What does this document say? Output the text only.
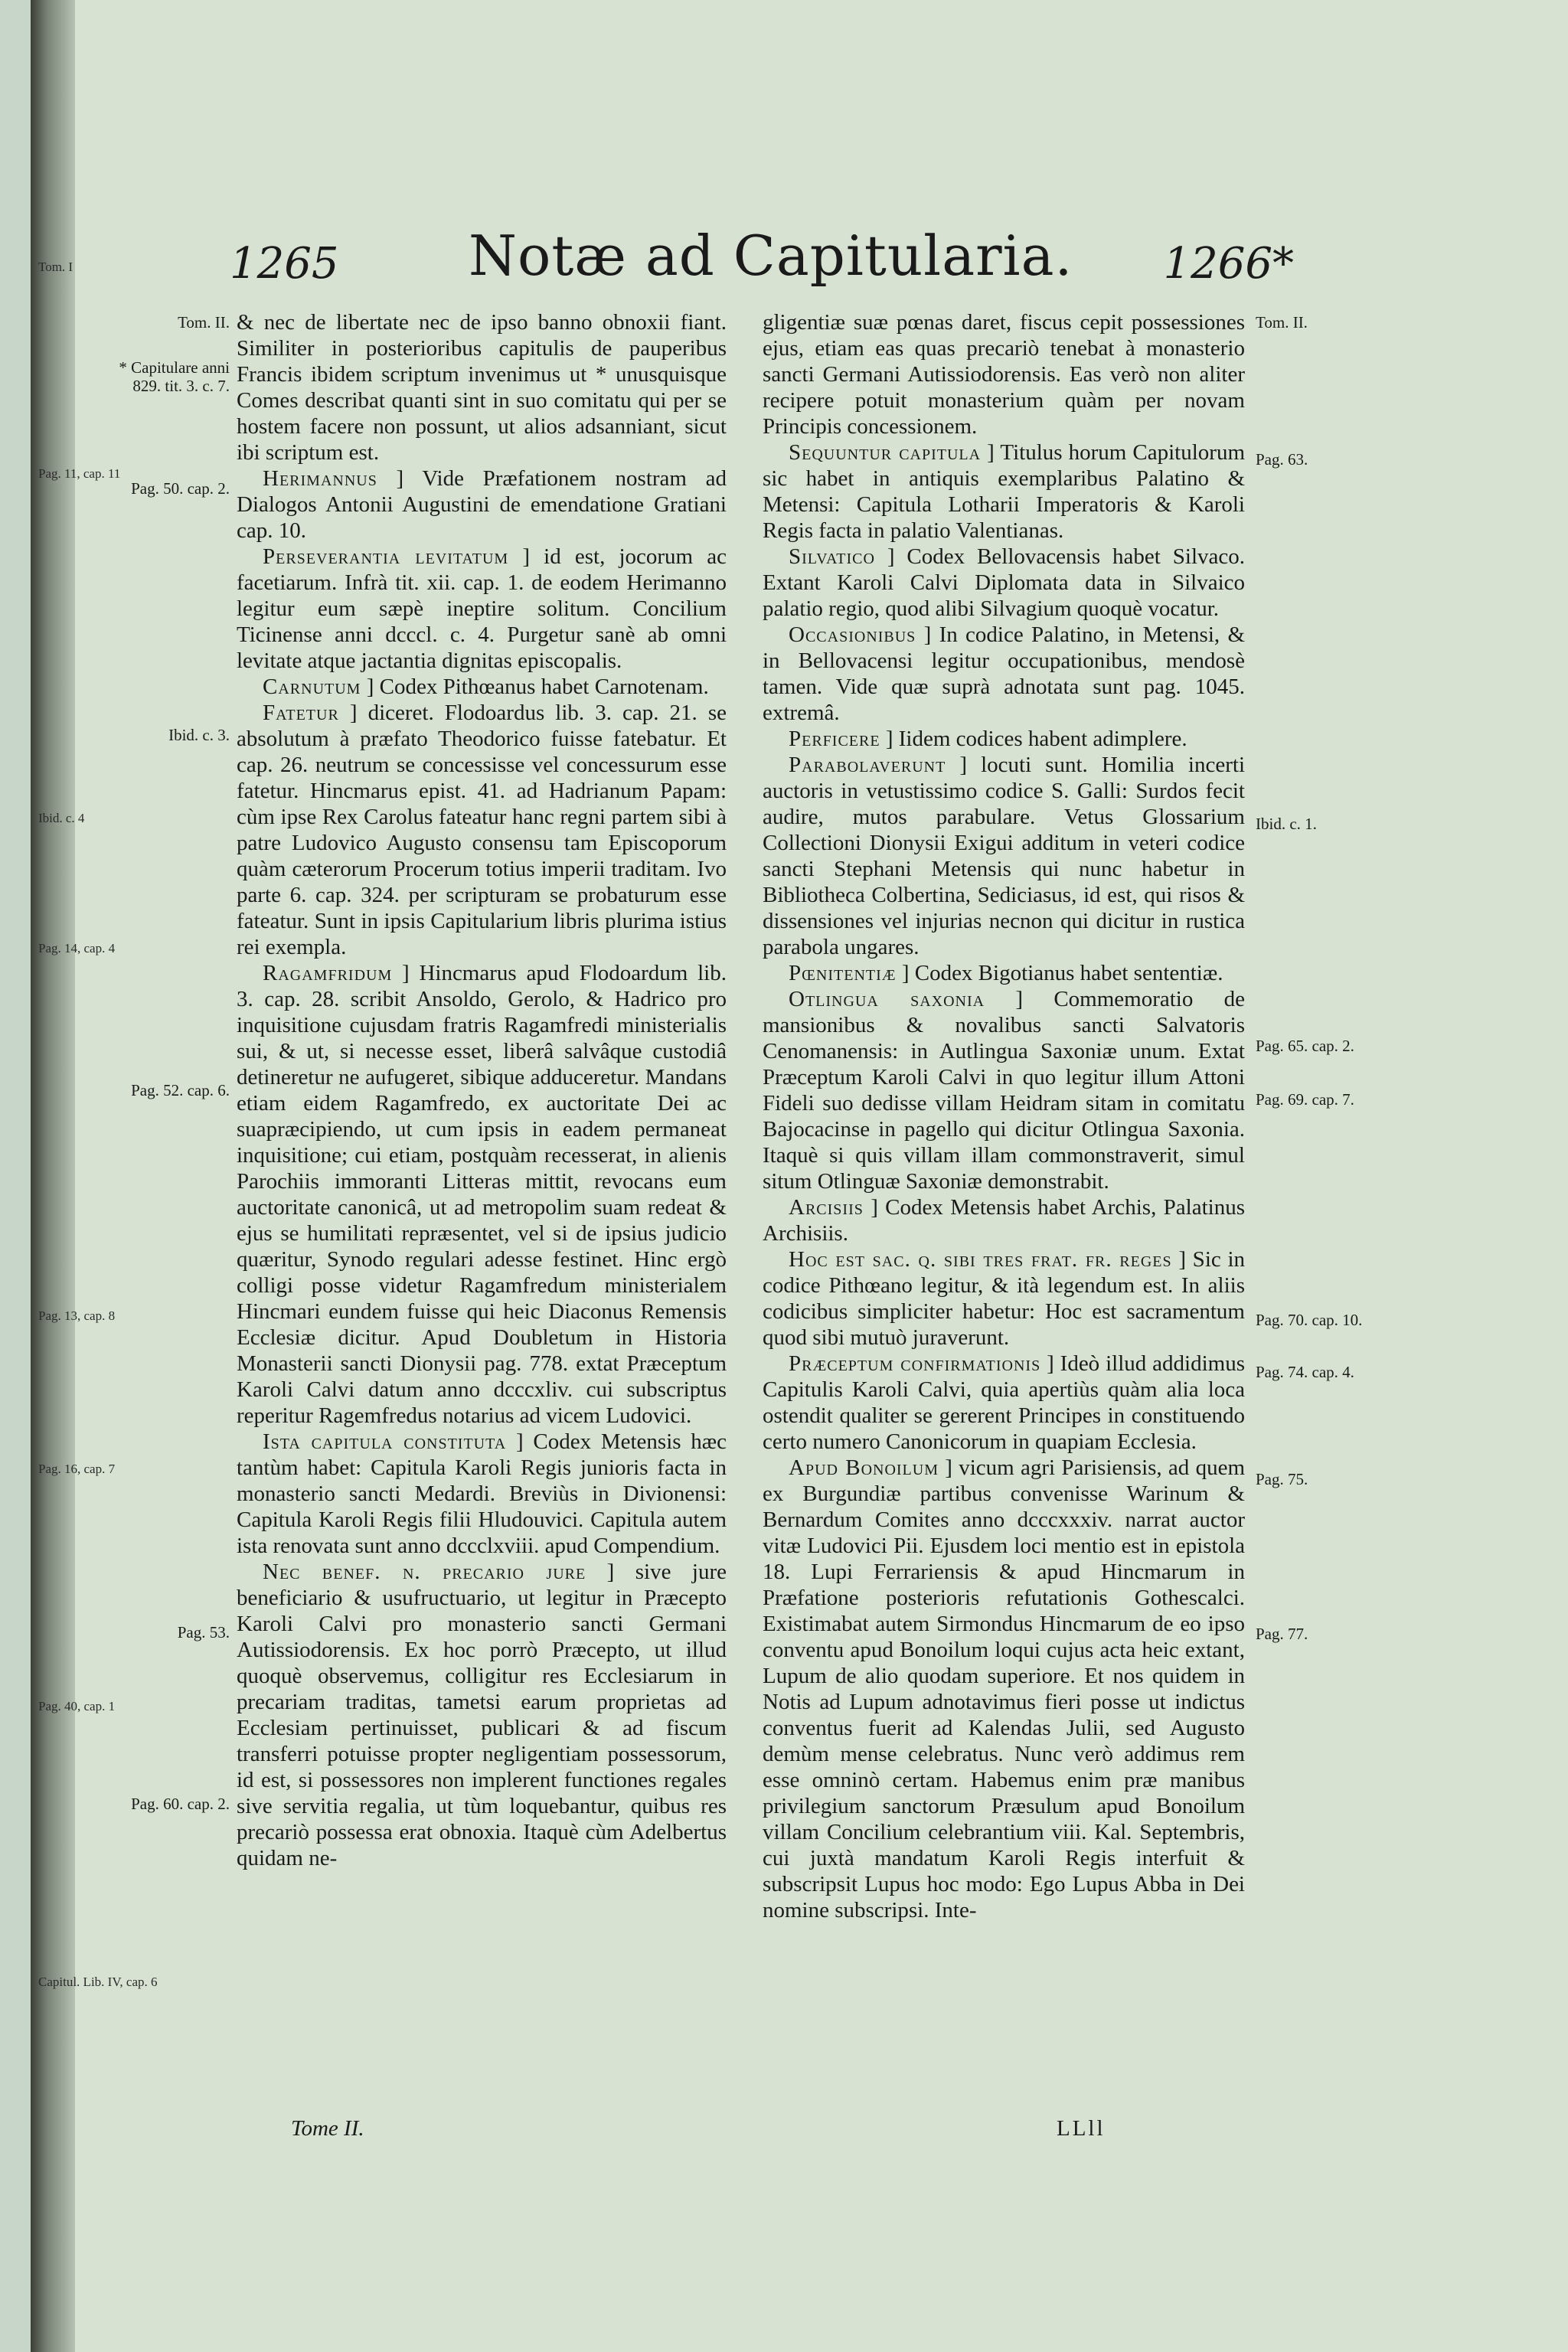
Tom. I
Pag. 11, cap. 11
Ibid. c. 4
Pag. 14, cap. 4
Pag. 13, cap. 8
Pag. 16, cap. 7
Pag. 40, cap. 1
Capitul. Lib. IV, cap. 6
1265 Notæ ad Capitularia. 1266*
Tom. II.
* Capitulare anni 829. tit. 3. c. 7.
Pag. 50. cap. 2.
Ibid. c. 3.
Pag. 52. cap. 6.
Pag. 53.
Pag. 60. cap. 2.

& nec de libertate nec de ipso banno obnoxii fiant. Similiter in posterioribus capitulis de pauperibus Francis ibidem scriptum invenimus ut * unusquisque Comes describat quanti sint in suo comitatu qui per se hostem facere non possunt, ut alios adsanniant, sicut ibi scriptum est.

Herimannus ] Vide Præfationem nostram ad Dialogos Antonii Augustini de emendatione Gratiani cap. 10.

Perseverantia levitatum ] id est, jocorum ac facetiarum. Infrà tit. xii. cap. 1. de eodem Herimanno legitur eum sæpè ineptire solitum. Concilium Ticinense anni dcccl. c. 4. Purgetur sanè ab omni levitate atque jactantia dignitas episcopalis.

Carnutum ] Codex Pithœanus habet Carnotenam.

Fatetur ] diceret. Flodoardus lib. 3. cap. 21. se absolutum à præfato Theodorico fuisse fatebatur. Et cap. 26. neutrum se concessisse vel concessurum esse fatetur. Hincmarus epist. 41. ad Hadrianum Papam: cùm ipse Rex Carolus fateatur hanc regni partem sibi à patre Ludovico Augusto consensu tam Episcoporum quàm cæterorum Procerum totius imperii traditam. Ivo parte 6. cap. 324. per scripturam se probaturum esse fateatur. Sunt in ipsis Capitularium libris plurima istius rei exempla.

Ragamfridum ] Hincmarus apud Flodoardum lib. 3. cap. 28. scribit Ansoldo, Gerolo, & Hadrico pro inquisitione cujusdam fratris Ragamfredi ministerialis sui, & ut, si necesse esset, liberâ salvâque custodiâ detineretur ne aufugeret, sibique adduceretur. Mandans etiam eidem Ragamfredo, ex auctoritate Dei ac suapræcipiendo, ut cum ipsis in eadem permaneat inquisitione; cui etiam, postquàm recesserat, in alienis Parochiis immoranti Litteras mittit, revocans eum auctoritate canonicâ, ut ad metropolim suam redeat & ejus se humilitati repræsentet, vel si de ipsius judicio quæritur, Synodo regulari adesse festinet. Hinc ergò colligi posse videtur Ragamfredum ministerialem Hincmari eundem fuisse qui heic Diaconus Remensis Ecclesiæ dicitur. Apud Doubletum in Historia Monasterii sancti Dionysii pag. 778. extat Præceptum Karoli Calvi datum anno dcccxliv. cui subscriptus reperitur Ragemfredus notarius ad vicem Ludovici.

Ista capitula constituta ] Codex Metensis hæc tantùm habet: Capitula Karoli Regis junioris facta in monasterio sancti Medardi. Breviùs in Divionensi: Capitula Karoli Regis filii Hludouvici. Capitula autem ista renovata sunt anno dccclxviii. apud Compendium.

Nec benef. n. precario jure ] sive jure beneficiario & usufructuario, ut legitur in Præcepto Karoli Calvi pro monasterio sancti Germani Autissiodorensis. Ex hoc porrò Præcepto, ut illud quoquè observemus, colligitur res Ecclesiarum in precariam traditas, tametsi earum proprietas ad Ecclesiam pertinuisset, publicari & ad fiscum transferri potuisse propter negligentiam possessorum, id est, si possessores non implerent functiones regales sive servitia regalia, ut tùm loquebantur, quibus res precariò possessa erat obnoxia. Itaquè cùm Adelbertus quidam ne-

gligentiæ suæ pœnas daret, fiscus cepit possessiones ejus, etiam eas quas precariò tenebat à monasterio sancti Germani Autissiodorensis. Eas verò non aliter recipere potuit monasterium quàm per novam Principis concessionem.

Sequuntur capitula ] Titulus horum Capitulorum sic habet in antiquis exemplaribus Palatino & Metensi: Capitula Lotharii Imperatoris & Karoli Regis facta in palatio Valentianas.

Silvatico ] Codex Bellovacensis habet Silvaco. Extant Karoli Calvi Diplomata data in Silvaico palatio regio, quod alibi Silvagium quoquè vocatur.

Occasionibus ] In codice Palatino, in Metensi, & in Bellovacensi legitur occupationibus, mendosè tamen. Vide quæ suprà adnotata sunt pag. 1045. extremâ.

Perficere ] Iidem codices habent adimplere.

Parabolaverunt ] locuti sunt. Homilia incerti auctoris in vetustissimo codice S. Galli: Surdos fecit audire, mutos parabulare. Vetus Glossarium Collectioni Dionysii Exigui additum in veteri codice sancti Stephani Metensis qui nunc habetur in Bibliotheca Colbertina, Sediciasus, id est, qui risos & dissensiones vel injurias necnon qui dicitur in rustica parabola ungares.

Pœnitentiæ ] Codex Bigotianus habet sententiæ.

Otlingua saxonia ] Commemoratio de mansionibus & novalibus sancti Salvatoris Cenomanensis: in Autlingua Saxoniæ unum. Extat Præceptum Karoli Calvi in quo legitur illum Attoni Fideli suo dedisse villam Heidram sitam in comitatu Bajocacinse in pagello qui dicitur Otlingua Saxonia. Itaquè si quis villam illam commonstraverit, simul situm Otlinguæ Saxoniæ demonstrabit.

Arcisiis ] Codex Metensis habet Archis, Palatinus Archisiis.

Hoc est sac. q. sibi tres frat. fr. reges ] Sic in codice Pithœano legitur, & ità legendum est. In aliis codicibus simpliciter habetur: Hoc est sacramentum quod sibi mutuò juraverunt.

Præceptum confirmationis ] Ideò illud addidimus Capitulis Karoli Calvi, quia apertiùs quàm alia loca ostendit qualiter se gererent Principes in constituendo certo numero Canonicorum in quapiam Ecclesia.

Apud Bonoilum ] vicum agri Parisiensis, ad quem ex Burgundiæ partibus convenisse Warinum & Bernardum Comites anno dcccxxxiv. narrat auctor vitæ Ludovici Pii. Ejusdem loci mentio est in epistola 18. Lupi Ferrariensis & apud Hincmarum in Præfatione posterioris refutationis Gothescalci. Existimabat autem Sirmondus Hincmarum de eo ipso conventu apud Bonoilum loqui cujus acta heic extant, Lupum de alio quodam superiore. Et nos quidem in Notis ad Lupum adnotavimus fieri posse ut indictus conventus fuerit ad Kalendas Julii, sed Augusto demùm mense celebratus. Nunc verò addimus rem esse omninò certam. Habemus enim præ manibus privilegium sanctorum Præsulum apud Bonoilum villam Concilium celebrantium viii. Kal. Septembris, cui juxtà mandatum Karoli Regis interfuit & subscripsit Lupus hoc modo: Ego Lupus Abba in Dei nomine subscripsi. Inte-

Tom. II.
Pag. 63.
Ibid. c. 1.
Pag. 65. cap. 2.
Pag. 69. cap. 7.
Pag. 70. cap. 10.
Pag. 74. cap. 4.
Pag. 75.
Pag. 77.
Tome II.	LLll
